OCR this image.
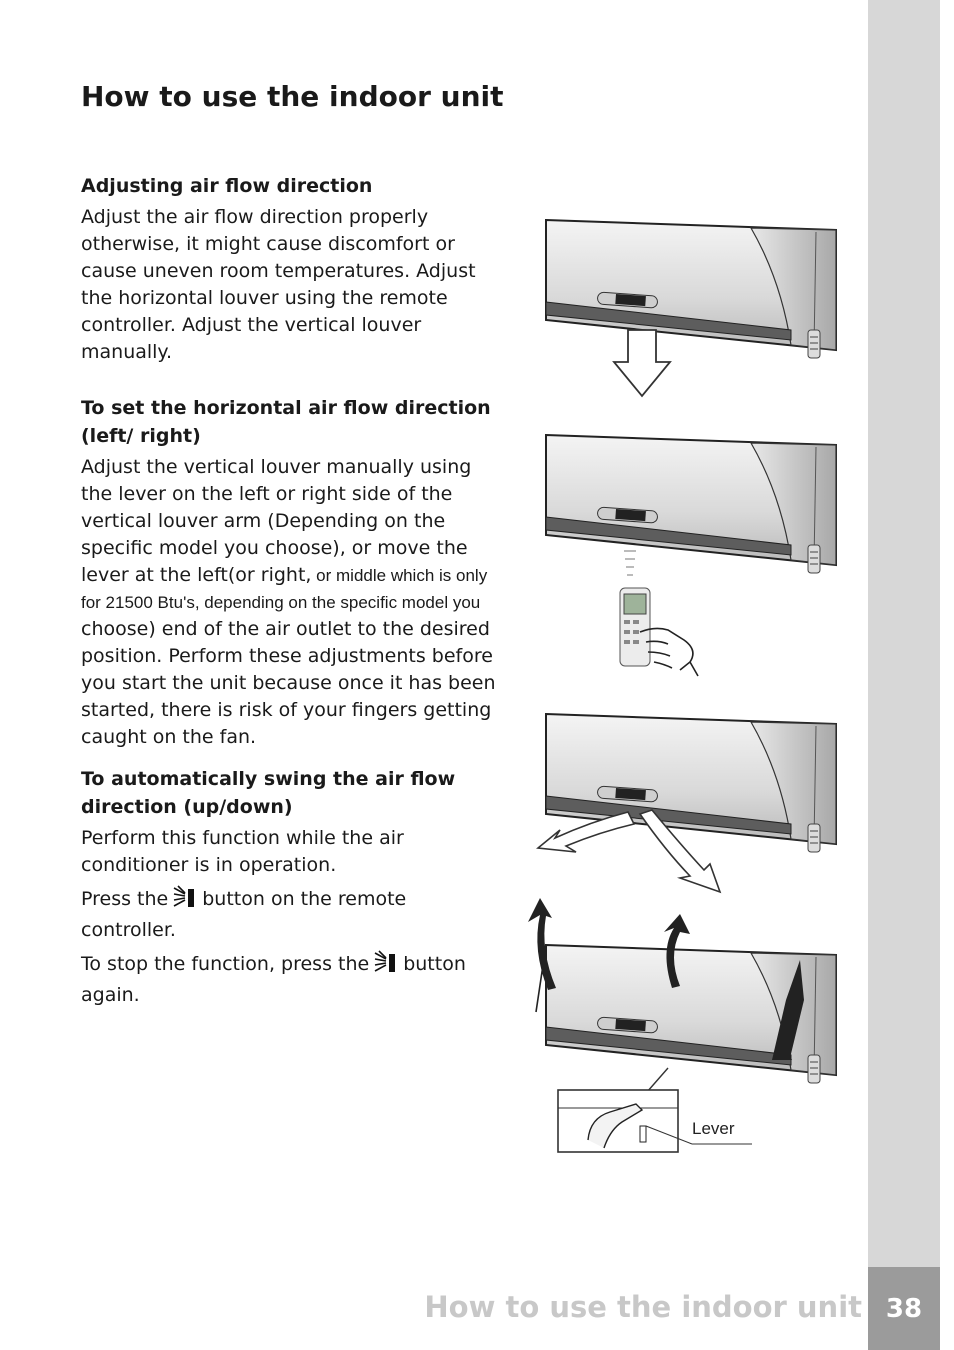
How to use the indoor unit

Adjusting air flow direction

Adjust the air flow direction properly otherwise, it might cause discomfort or cause uneven room temperatures. Adjust the horizontal louver using the remote controller. Adjust the vertical louver manually.

To set the horizontal air flow direction (left/ right)

Adjust the vertical louver manually using the lever on the left or right side of the vertical louver arm (Depending on the specific model you choose), or move the lever at the left(or right, or middle which is only for 21500 Btu's, depending on the specific model you choose) end of the air outlet to the desired position. Perform these adjustments before you start the unit because once it has been started, there is risk of your fingers getting caught on the fan.

To automatically swing the air flow direction (up/down)

Perform this function while the air conditioner is in operation.

Press the button on the remote controller.

To stop the function, press the button again.

Lever
How to use the indoor unit 38
